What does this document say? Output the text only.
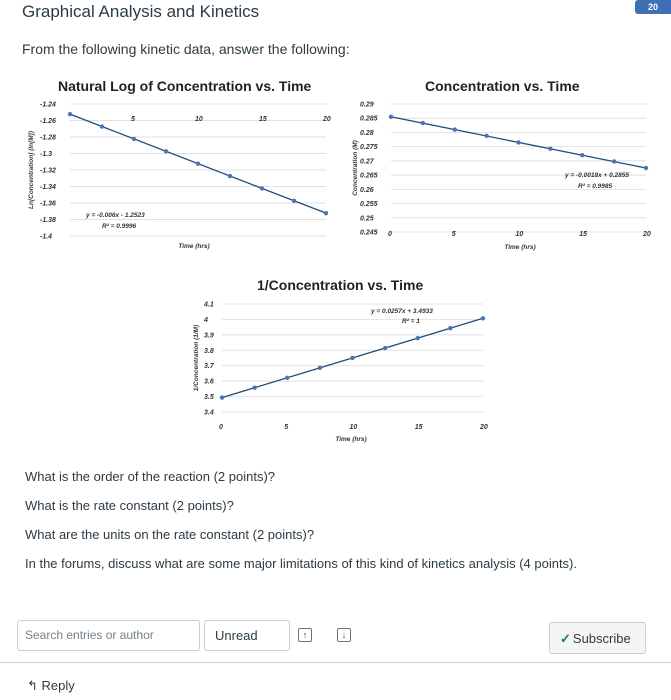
Graphical Analysis and Kinetics	20
From the following kinetic data, answer the following:
Natural Log of Concentration vs. Time
-1.24
-1.26
-1.28
-1.3
-1.32
-1.34
-1.36
-1.38
-1.4
5	10	15	20
Time (hrs)
Ln[Concentration] (ln[M])
y = -0.006x - 1.2523
R² = 0.9996
0.29
0.285
0.28
0.275
0.27
0.265
0.26
0.255
0.25
0.245 0	5	10	15	20
Time (hrs)
Concentration (M)	y = -0.0018x + 0.2855
R² = 0.9985
4.1
4
3.9
3.8
3.7
3.6
3.5
3.4
0	5	10	15	20
Time (hrs)
1/Concentration (1/M)
y = 0.0257x + 3.4933
R² = 1
Concentration vs. Time
1/Concentration vs. Time
What is the order of the reaction (2 points)?
What is the rate constant (2 points)?
What are the units on the rate constant (2 points)?
In the forums, discuss what are some major limitations of this kind of kinetics analysis (4 points).
Search entries or author	Unread	↑	↓	✓ Subscribe
↰ Reply
